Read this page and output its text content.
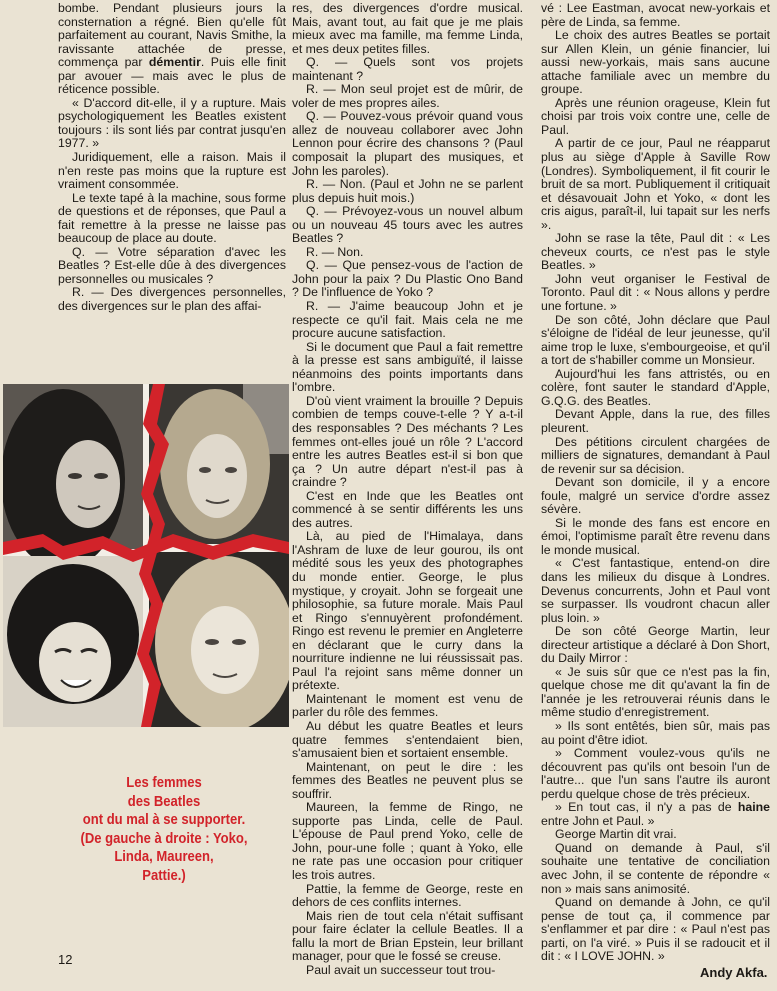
bombe. Pendant plusieurs jours la consternation a régné. Bien qu'elle fût parfaitement au courant, Navis Smithe, la ravissante attachée de presse, commença par démentir. Puis elle finit par avouer — mais avec le plus de réticence possible.

« D'accord dit-elle, il y a rupture. Mais psychologiquement les Beatles existent toujours : ils sont liés par contrat jusqu'en 1977. »

Juridiquement, elle a raison. Mais il n'en reste pas moins que la rupture est vraiment consommée.

Le texte tapé à la machine, sous forme de questions et de réponses, que Paul a fait remettre à la presse ne laisse pas beaucoup de place au doute.

Q. — Votre séparation d'avec les Beatles ? Est-elle dûe à des divergences personnelles ou musicales ?

R. — Des divergences personnelles, des divergences sur le plan des affai-

res, des divergences d'ordre musical. Mais, avant tout, au fait que je me plais mieux avec ma famille, ma femme Linda, et mes deux petites filles.

Q. — Quels sont vos projets maintenant ?

R. — Mon seul projet est de mûrir, de voler de mes propres ailes.

Q. — Pouvez-vous prévoir quand vous allez de nouveau collaborer avec John Lennon pour écrire des chansons ? (Paul composait la plupart des musiques, et John les paroles).

R. — Non. (Paul et John ne se parlent plus depuis huit mois.)

Q. — Prévoyez-vous un nouvel album ou un nouveau 45 tours avec les autres Beatles ?

R. — Non.

Q. — Que pensez-vous de l'action de John pour la paix ? Du Plastic Ono Band ? De l'influence de Yoko ?

R. — J'aime beaucoup John et je respecte ce qu'il fait. Mais cela ne me procure aucune satisfaction.

Si le document que Paul a fait remettre à la presse est sans ambiguïté, il laisse néanmoins des points importants dans l'ombre.

D'où vient vraiment la brouille ? Depuis combien de temps couve-t-elle ? Y a-t-il des responsables ? Des méchants ? Les femmes ont-elles joué un rôle ? L'accord entre les autres Beatles est-il si bon que ça ? Un autre départ n'est-il pas à craindre ?

C'est en Inde que les Beatles ont commencé à se sentir différents les uns des autres.

Là, au pied de l'Himalaya, dans l'Ashram de luxe de leur gourou, ils ont médité sous les yeux des photographes du monde entier. George, le plus mystique, y croyait. John se forgeait une philosophie, sa future morale. Mais Paul et Ringo s'ennuyèrent profondément. Ringo est revenu le premier en Angleterre en déclarant que le curry dans la nourriture indienne ne lui réussissait pas. Paul l'a rejoint sans même donner un prétexte.

Maintenant le moment est venu de parler du rôle des femmes.

Au début les quatre Beatles et leurs quatre femmes s'entendaient bien, s'amusaient bien et sortaient ensemble.

Maintenant, on peut le dire : les femmes des Beatles ne peuvent plus se souffrir.

Maureen, la femme de Ringo, ne supporte pas Linda, celle de Paul. L'épouse de Paul prend Yoko, celle de John, pour-une folle ; quant à Yoko, elle ne rate pas une occasion pour critiquer les trois autres.

Pattie, la femme de George, reste en dehors de ces conflits internes.

Mais rien de tout cela n'était suffisant pour faire éclater la cellule Beatles. Il a fallu la mort de Brian Epstein, leur brillant manager, pour que le fossé se creuse.

Paul avait un successeur tout trou-

vé : Lee Eastman, avocat new-yorkais et père de Linda, sa femme.

Le choix des autres Beatles se portait sur Allen Klein, un génie financier, lui aussi new-yorkais, mais sans aucune attache familiale avec un membre du groupe.

Après une réunion orageuse, Klein fut choisi par trois voix contre une, celle de Paul.

A partir de ce jour, Paul ne réapparut plus au siège d'Apple à Saville Row (Londres). Symboliquement, il fit courir le bruit de sa mort. Publiquement il critiquait et désavouait John et Yoko, « dont les cris aigus, paraît-il, lui tapait sur les nerfs ».

John se rase la tête, Paul dit : « Les cheveux courts, ce n'est pas le style Beatles. »

John veut organiser le Festival de Toronto. Paul dit : « Nous allons y perdre une fortune. »

De son côté, John déclare que Paul s'éloigne de l'idéal de leur jeunesse, qu'il aime trop le luxe, s'embourgeoise, et qu'il a tort de s'habiller comme un Monsieur.

Aujourd'hui les fans attristés, ou en colère, font sauter le standard d'Apple, G.Q.G. des Beatles.

Devant Apple, dans la rue, des filles pleurent.

Des pétitions circulent chargées de milliers de signatures, demandant à Paul de revenir sur sa décision.

Devant son domicile, il y a encore foule, malgré un service d'ordre assez sévère.

Si le monde des fans est encore en émoi, l'optimisme paraît être revenu dans le monde musical.

« C'est fantastique, entend-on dire dans les milieux du disque à Londres. Devenus concurrents, John et Paul vont se surpasser. Ils voudront chacun aller plus loin. »

De son côté George Martin, leur directeur artistique a déclaré à Don Short, du Daily Mirror :

« Je suis sûr que ce n'est pas la fin, quelque chose me dit qu'avant la fin de l'année je les retrouverai réunis dans le même studio d'enregistrement.

» Ils sont entêtés, bien sûr, mais pas au point d'être idiot.

» Comment voulez-vous qu'ils ne découvrent pas qu'ils ont besoin l'un de l'autre... que l'un sans l'autre ils auront perdu quelque chose de très précieux.

» En tout cas, il n'y a pas de haine entre John et Paul. »

George Martin dit vrai.

Quand on demande à Paul, s'il souhaite une tentative de conciliation avec John, il se contente de répondre « non » mais sans animosité.

Quand on demande à John, ce qu'il pense de tout ça, il commence par s'enflammer et par dire : « Paul n'est pas parti, on l'a viré. » Puis il se radoucit et il dit : « I LOVE JOHN. »

Les femmes
des Beatles
ont du mal à se supporter.
(De gauche à droite : Yoko,
Linda, Maureen,
Pattie.)
12
Andy Akfa.
